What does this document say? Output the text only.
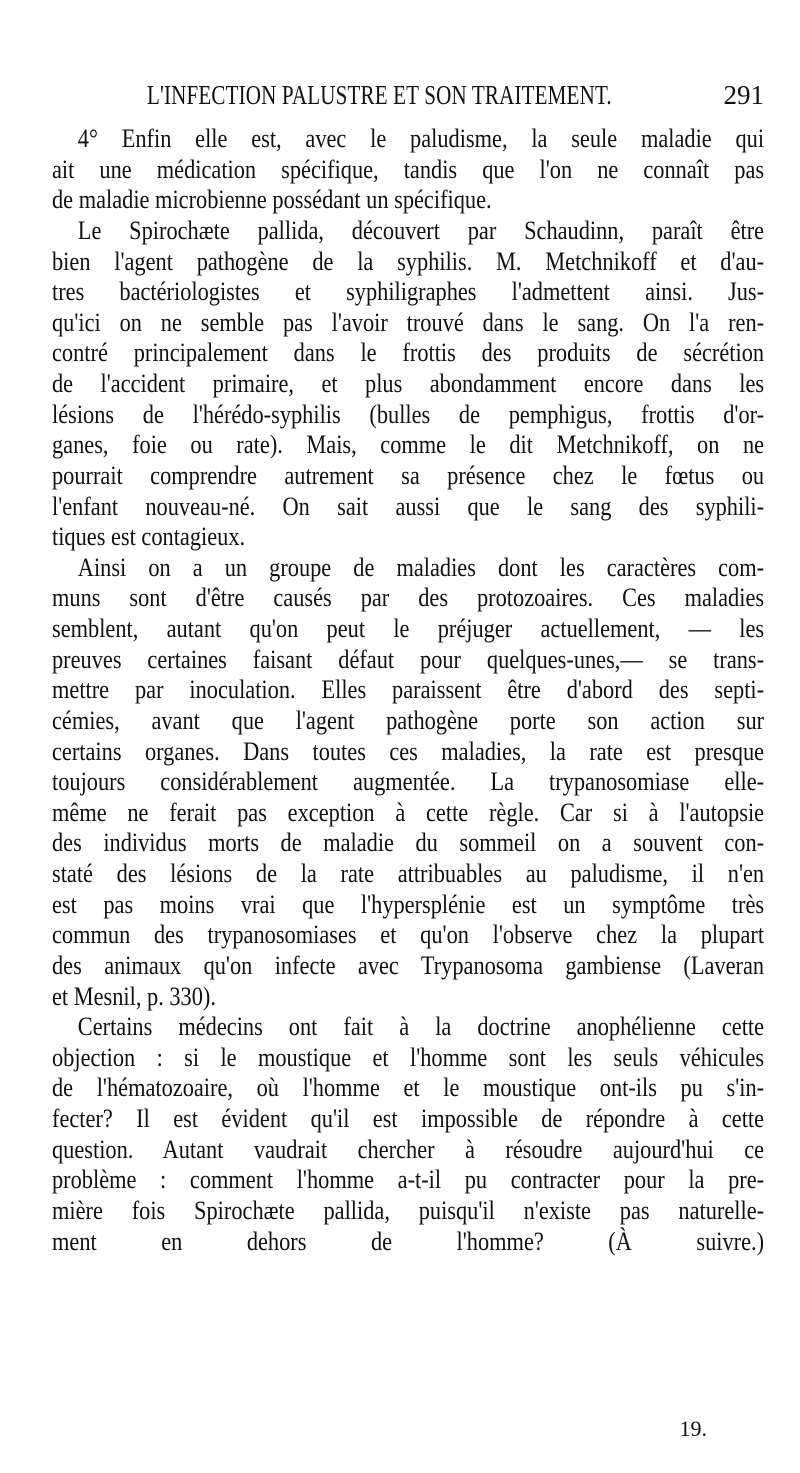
L'INFECTION PALUSTRE ET SON TRAITEMENT.	291
4° Enfin elle est, avec le paludisme, la seule maladie qui
ait une médication spécifique, tandis que l'on ne connaît pas
de maladie microbienne possédant un spécifique.
Le Spirochæte pallida, découvert par Schaudinn, paraît être
bien l'agent pathogène de la syphilis. M. Metchnikoff et d'au-
tres bactériologistes et syphiligraphes l'admettent ainsi. Jus-
qu'ici on ne semble pas l'avoir trouvé dans le sang. On l'a ren-
contré principalement dans le frottis des produits de sécrétion
de l'accident primaire, et plus abondamment encore dans les
lésions de l'hérédo-syphilis (bulles de pemphigus, frottis d'or-
ganes, foie ou rate). Mais, comme le dit Metchnikoff, on ne
pourrait comprendre autrement sa présence chez le fœtus ou
l'enfant nouveau-né. On sait aussi que le sang des syphili-
tiques est contagieux.
Ainsi on a un groupe de maladies dont les caractères com-
muns sont d'être causés par des protozoaires. Ces maladies
semblent, autant qu'on peut le préjuger actuellement, — les
preuves certaines faisant défaut pour quelques-unes,— se trans-
mettre par inoculation. Elles paraissent être d'abord des septi-
cémies, avant que l'agent pathogène porte son action sur
certains organes. Dans toutes ces maladies, la rate est presque
toujours considérablement augmentée. La trypanosomiase elle-
même ne ferait pas exception à cette règle. Car si à l'autopsie
des individus morts de maladie du sommeil on a souvent con-
staté des lésions de la rate attribuables au paludisme, il n'en
est pas moins vrai que l'hypersplénie est un symptôme très
commun des trypanosomiases et qu'on l'observe chez la plupart
des animaux qu'on infecte avec Trypanosoma gambiense (Laveran
et Mesnil, p. 330).
Certains médecins ont fait à la doctrine anophélienne cette
objection : si le moustique et l'homme sont les seuls véhicules
de l'hématozoaire, où l'homme et le moustique ont-ils pu s'in-
fecter? Il est évident qu'il est impossible de répondre à cette
question. Autant vaudrait chercher à résoudre aujourd'hui ce
problème : comment l'homme a-t-il pu contracter pour la pre-
mière fois Spirochæte pallida, puisqu'il n'existe pas naturelle-
ment en dehors de l'homme? (À suivre.)
19.
